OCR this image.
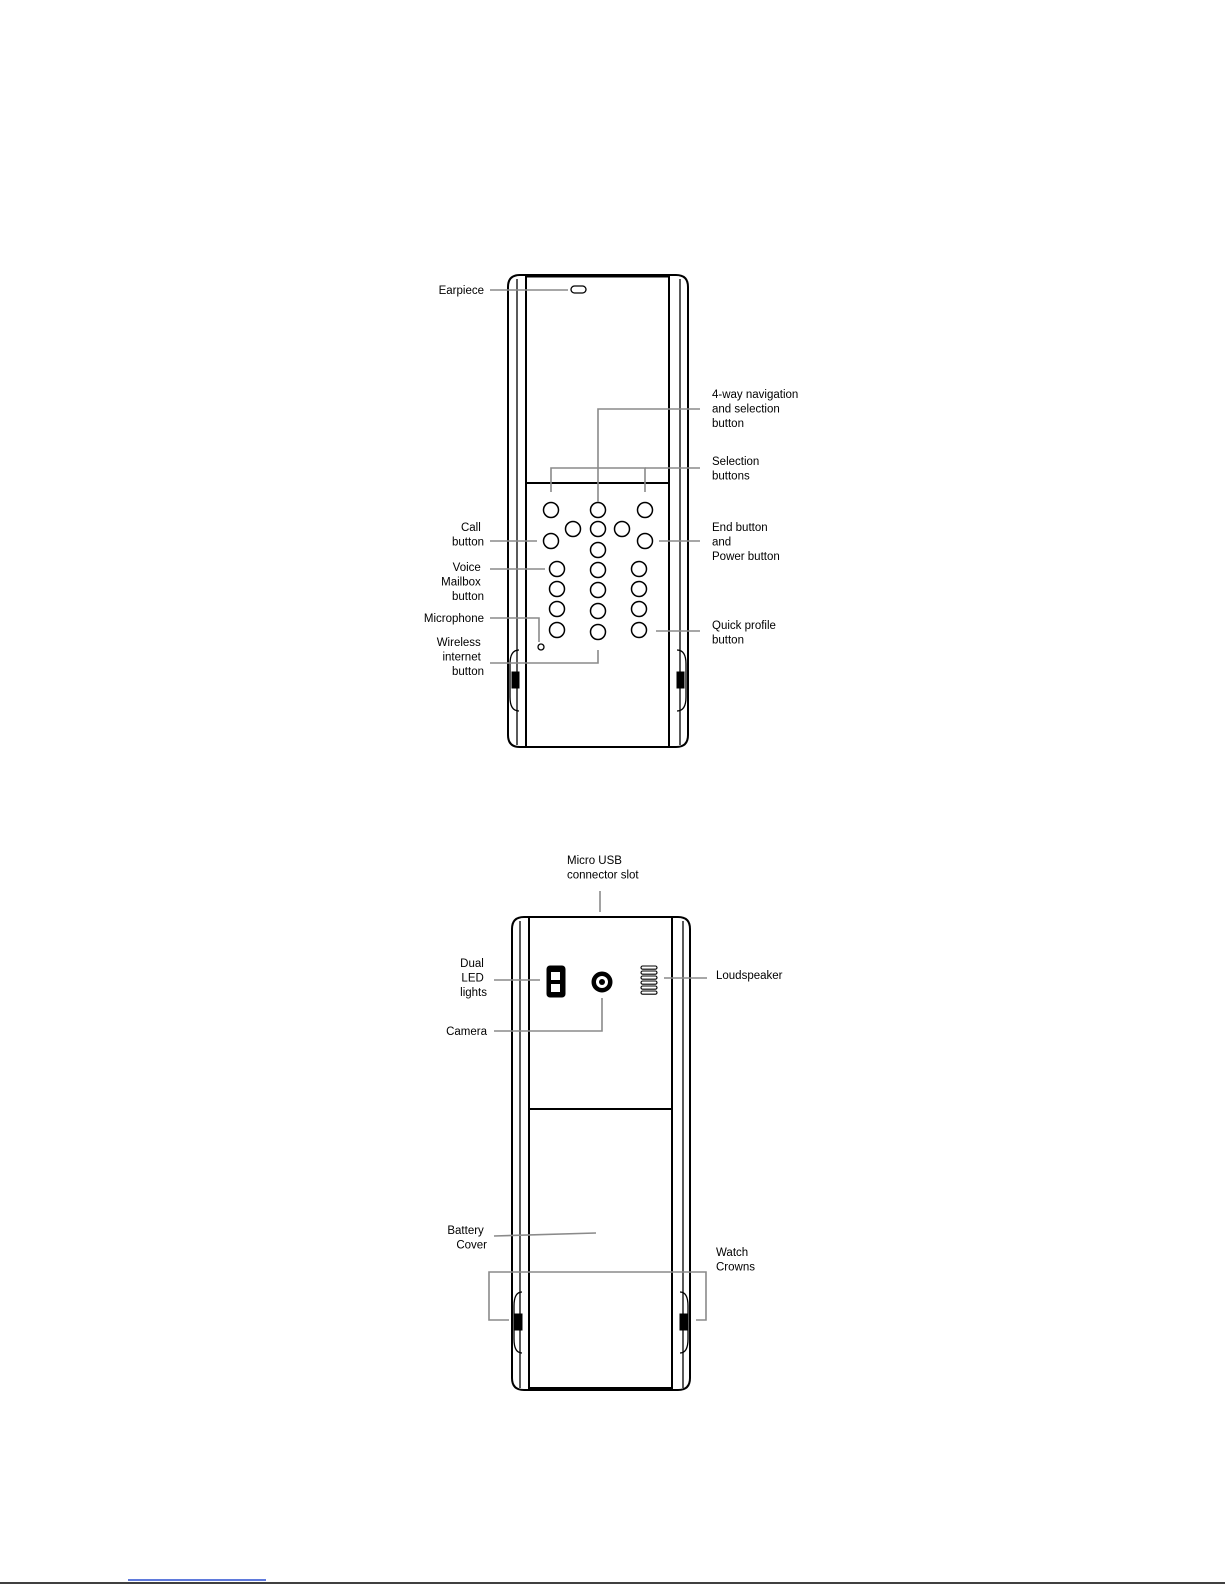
Earpiece
4-way navigation and selection button
Selection buttons
Call button
End button and Power button
Voice Mailbox button
Microphone
Quick profile button
Wireless internet button
Micro USB connector slot
Dual LED lights
Loudspeaker
Camera
Battery Cover
Watch Crowns
